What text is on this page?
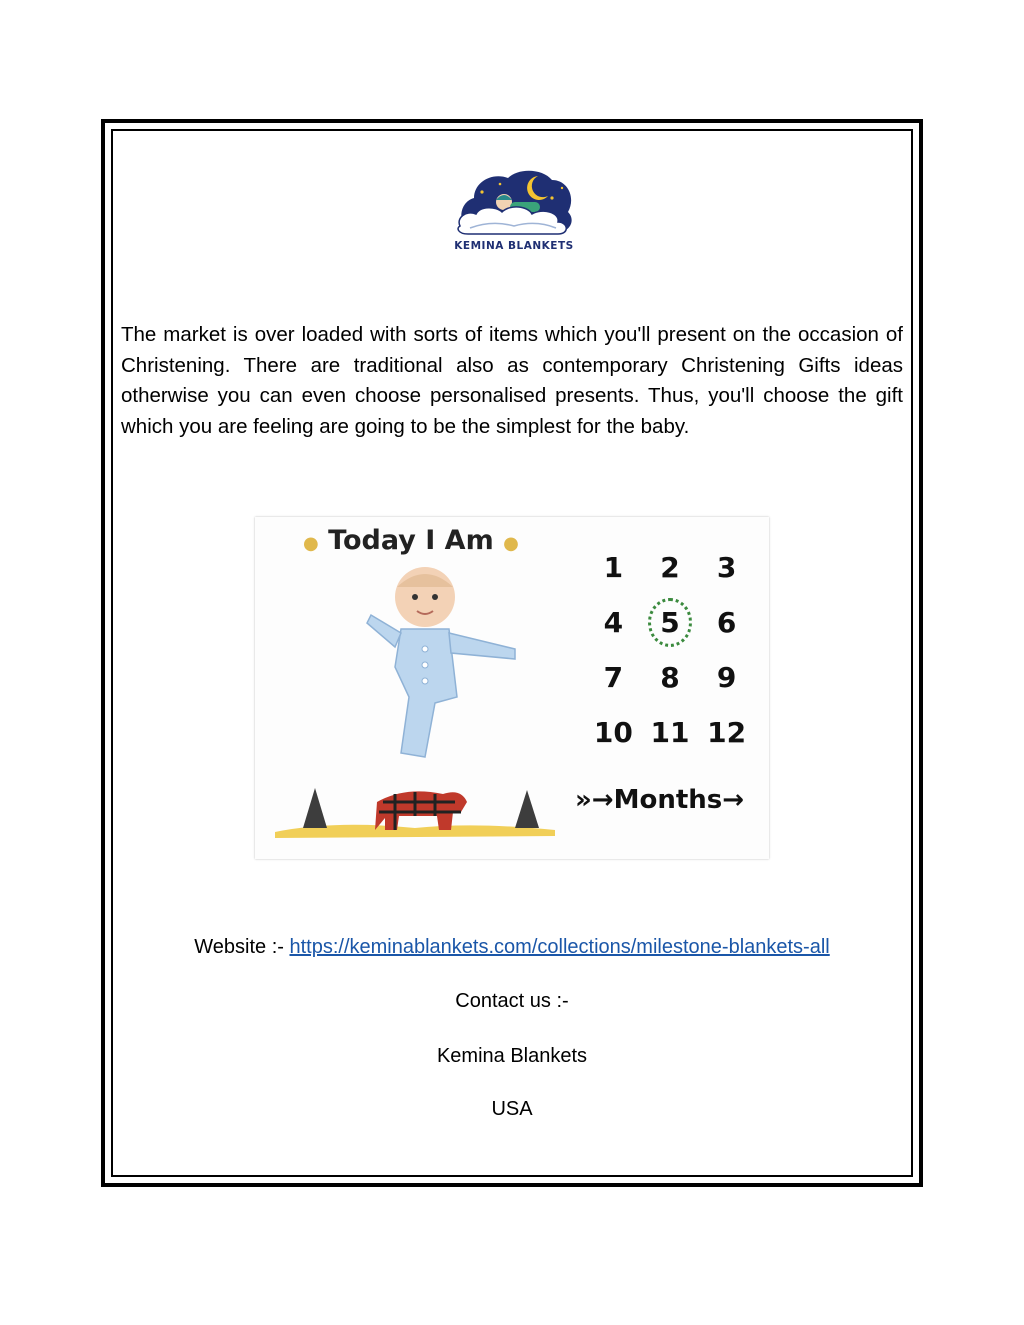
KEMINA BLANKETS

The market is over loaded with sorts of items which you'll present on the occasion of Christening. There are traditional also as contemporary Christening Gifts ideas otherwise you can even choose personalised presents. Thus, you'll choose the gift which you are feeling are going to be the simplest for the baby.

● Today I Am ●
1	2	3
4	5	6
7	8	9
10 11 12
»→Months→
Website :- https://keminablankets.com/collections/milestone-blankets-all
Contact us :-
Kemina Blankets
USA
